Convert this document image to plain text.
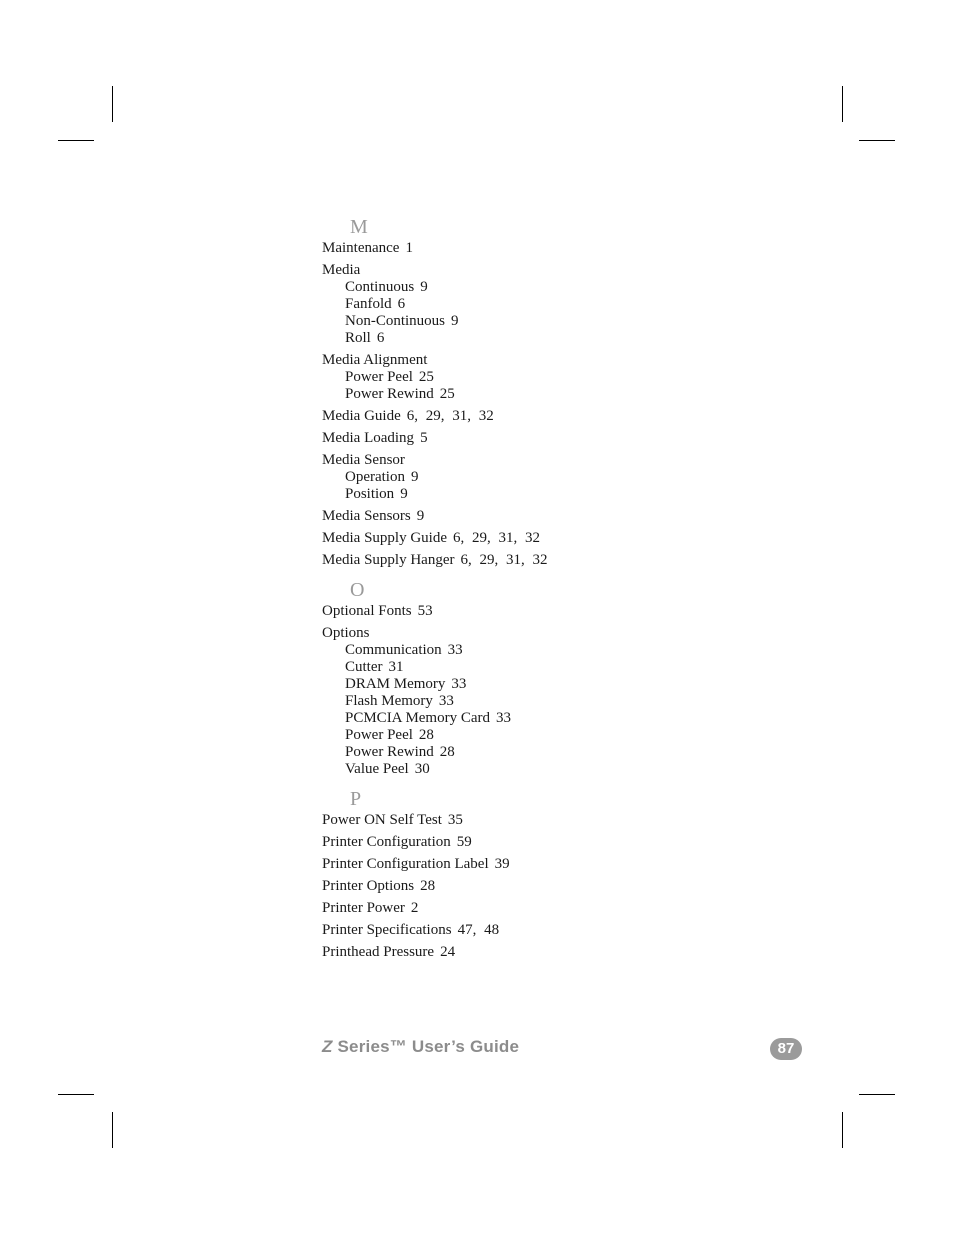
M
Maintenance 1
Media
Continuous 9
Fanfold 6
Non-Continuous 9
Roll 6
Media Alignment
Power Peel 25
Power Rewind 25
Media Guide 6, 29, 31, 32
Media Loading 5
Media Sensor
Operation 9
Position 9
Media Sensors 9
Media Supply Guide 6, 29, 31, 32
Media Supply Hanger 6, 29, 31, 32
O
Optional Fonts 53
Options
Communication 33
Cutter 31
DRAM Memory 33
Flash Memory 33
PCMCIA Memory Card 33
Power Peel 28
Power Rewind 28
Value Peel 30
P
Power ON Self Test 35
Printer Configuration 59
Printer Configuration Label 39
Printer Options 28
Printer Power 2
Printer Specifications 47, 48
Printhead Pressure 24
Z Series™ User’s Guide	87
